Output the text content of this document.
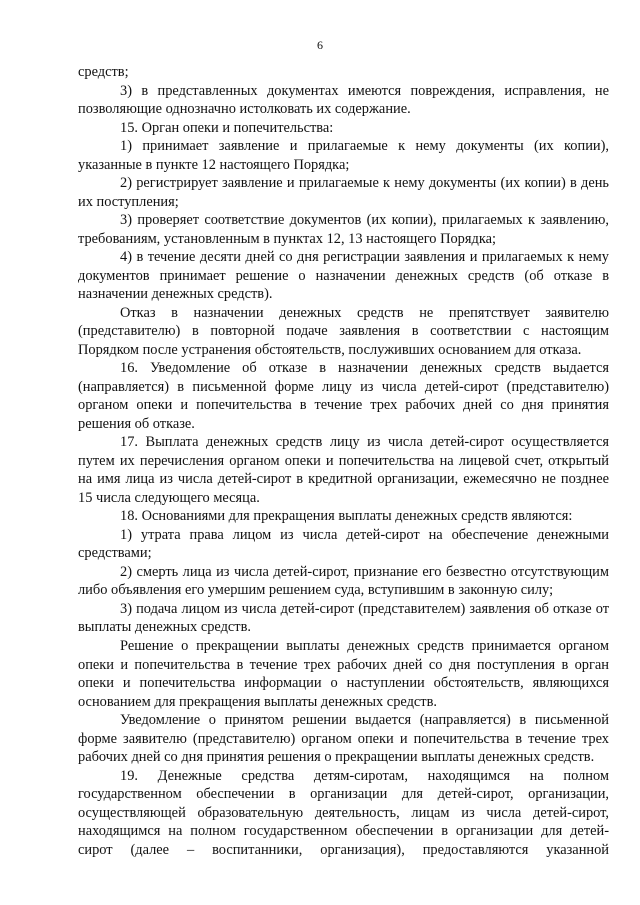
6

средств;

3) в представленных документах имеются повреждения, исправления, не позволяющие однозначно истолковать их содержание.

15. Орган опеки и попечительства:

1) принимает заявление и прилагаемые к нему документы (их копии), указанные в пункте 12 настоящего Порядка;

2) регистрирует заявление и прилагаемые к нему документы (их копии) в день их поступления;

3) проверяет соответствие документов (их копии), прилагаемых к заявлению, требованиям, установленным в пунктах 12, 13 настоящего Порядка;

4) в течение десяти дней со дня регистрации заявления и прилагаемых к нему документов принимает решение о назначении денежных средств (об отказе в назначении денежных средств).

Отказ в назначении денежных средств не препятствует заявителю (представителю) в повторной подаче заявления в соответствии с настоящим Порядком после устранения обстоятельств, послуживших основанием для отказа.

16. Уведомление об отказе в назначении денежных средств выдается (направляется) в письменной форме лицу из числа детей-сирот (представителю) органом опеки и попечительства в течение трех рабочих дней со дня принятия решения об отказе.

17. Выплата денежных средств лицу из числа детей-сирот осуществляется путем их перечисления органом опеки и попечительства на лицевой счет, открытый на имя лица из числа детей-сирот в кредитной организации, ежемесячно не позднее 15 числа следующего месяца.

18. Основаниями для прекращения выплаты денежных средств являются:

1) утрата права лицом из числа детей-сирот на обеспечение денежными средствами;

2) смерть лица из числа детей-сирот, признание его безвестно отсутствующим либо объявления его умершим решением суда, вступившим в законную силу;

3) подача лицом из числа детей-сирот (представителем) заявления об отказе от выплаты денежных средств.

Решение о прекращении выплаты денежных средств принимается органом опеки и попечительства в течение трех рабочих дней со дня поступления в орган опеки и попечительства информации о наступлении обстоятельств, являющихся основанием для прекращения выплаты денежных средств.

Уведомление о принятом решении выдается (направляется) в письменной форме заявителю (представителю) органом опеки и попечительства в течение трех рабочих дней со дня принятия решения о прекращении выплаты денежных средств.

19. Денежные средства детям-сиротам, находящимся на полном государственном обеспечении в организации для детей-сирот, организации, осуществляющей образовательную деятельность, лицам из числа детей-сирот, находящимся на полном государственном обеспечении в организации для детей-сирот (далее – воспитанники, организация), предоставляются указанной
